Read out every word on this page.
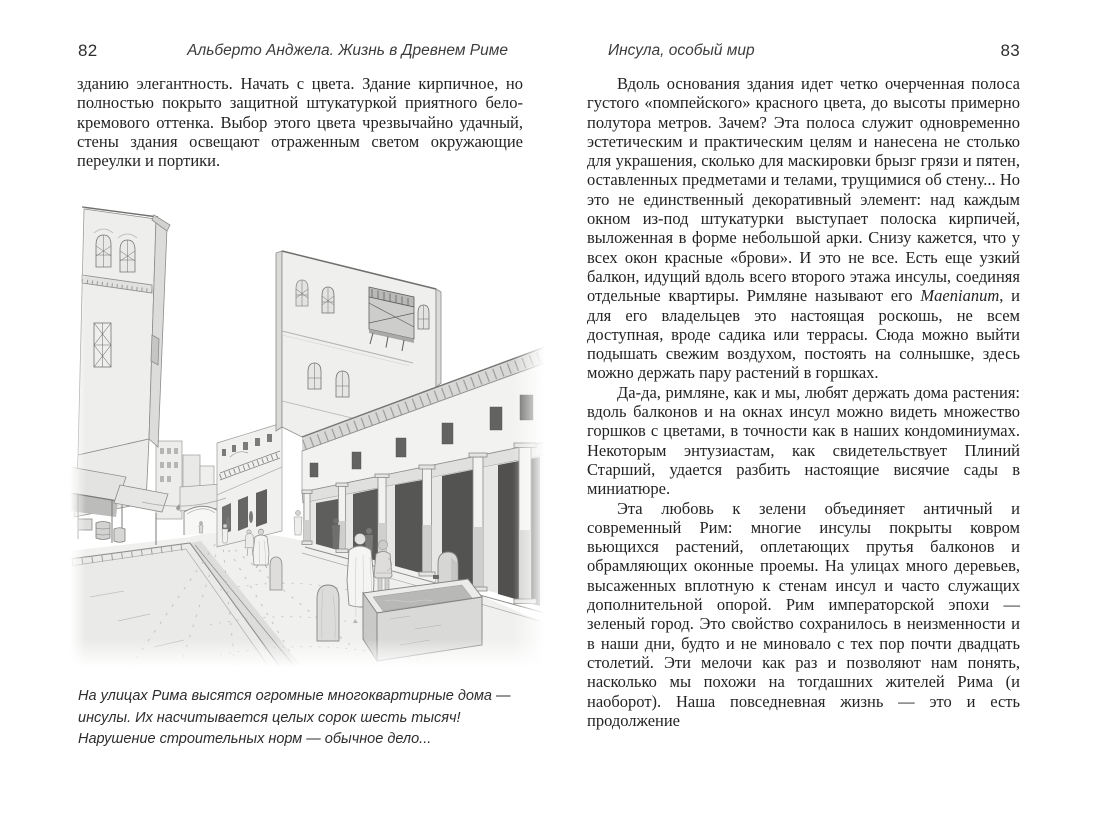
82	Альберто Анджела. Жизнь в Древнем Риме

зданию элегантность. Начать с цвета. Здание кирпичное, но полностью покрыто защитной штукатуркой приятного бело-кремового оттенка. Выбор этого цвета чрезвычайно удачный, стены здания освещают отраженным светом окружающие переулки и портики.

На улицах Рима высятся огромные многоквартирные дома — инсулы. Их насчитывается целых сорок шесть тысяч! Нарушение строительных норм — обычное дело...
Инсула, особый мир	83

Вдоль основания здания идет четко очерченная полоса густого «помпейского» красного цвета, до высоты примерно полутора метров. Зачем? Эта полоса служит одновременно эстетическим и практическим целям и нанесена не столько для украшения, сколько для маскировки брызг грязи и пятен, оставленных предметами и телами, трущимися об стену... Но это не единственный декоративный элемент: над каждым окном из-под штукатурки выступает полоска кирпичей, выложенная в форме небольшой арки. Снизу кажется, что у всех окон красные «брови». И это не все. Есть еще узкий балкон, идущий вдоль всего второго этажа инсулы, соединяя отдельные квартиры. Римляне называют его Maenianum, и для его владельцев это настоящая роскошь, не всем доступная, вроде садика или террасы. Сюда можно выйти подышать свежим воздухом, постоять на солнышке, здесь можно держать пару растений в горшках.

Да-да, римляне, как и мы, любят держать дома растения: вдоль балконов и на окнах инсул можно видеть множество горшков с цветами, в точности как в наших кондоминиумах. Некоторым энтузиастам, как свидетельствует Плиний Старший, удается разбить настоящие висячие сады в миниатюре.

Эта любовь к зелени объединяет античный и современный Рим: многие инсулы покрыты ковром вьющихся растений, оплетающих прутья балконов и обрамляющих оконные проемы. На улицах много деревьев, высаженных вплотную к стенам инсул и часто служащих дополнительной опорой. Рим императорской эпохи — зеленый город. Это свойство сохранилось в неизменности и в наши дни, будто и не миновало с тех пор почти двадцать столетий. Эти мелочи как раз и позволяют нам понять, насколько мы похожи на тогдашних жителей Рима (и наоборот). Наша повседневная жизнь — это и есть продолжение
